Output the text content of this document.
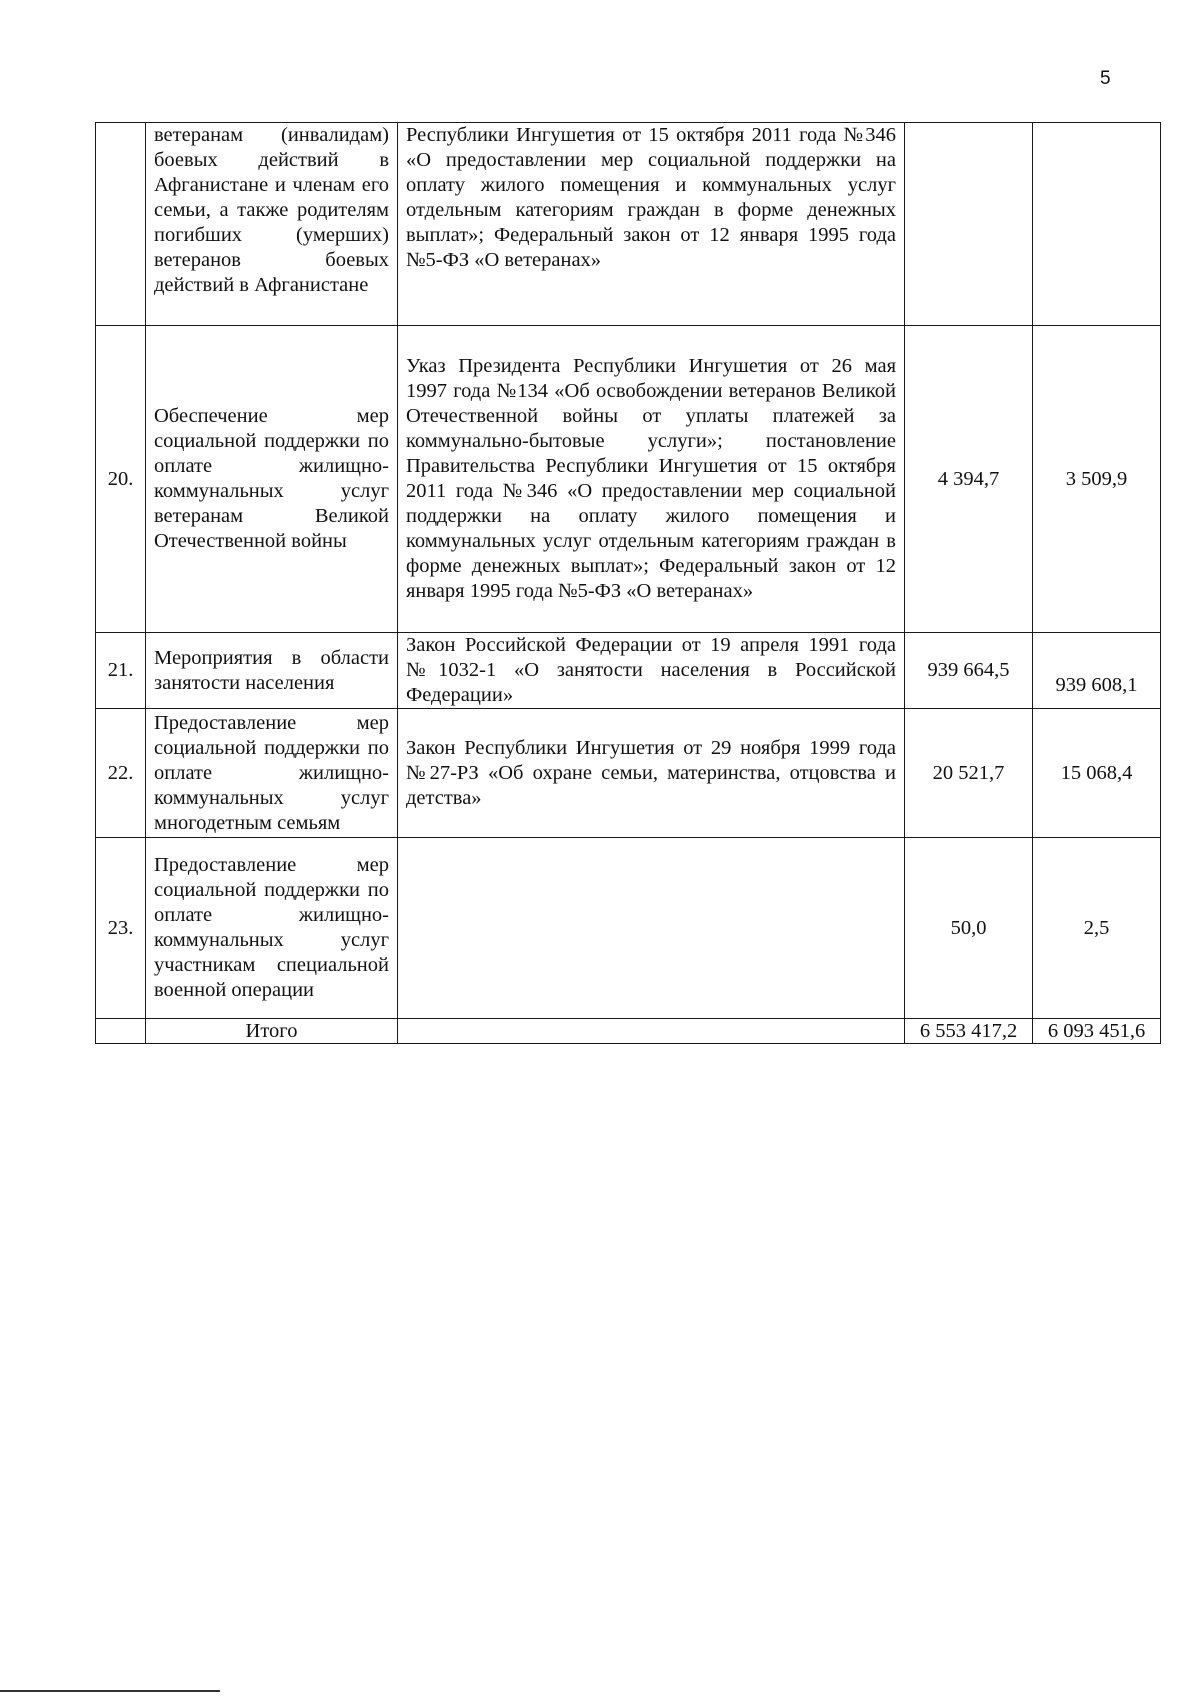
5
	ветеранам (инвалидам) боевых действий в Афганистане и членам его семьи, а также родителям погибших (умерших) ветеранов боевых действий в Афганистане	Республики Ингушетия от 15 октября 2011 года №346 «О предоставлении мер социальной поддержки на оплату жилого помещения и коммунальных услуг отдельным категориям граждан в форме денежных выплат»; Федеральный закон от 12 января 1995 года №5-ФЗ «О ветеранах»		
20.	Обеспечение мер социальной поддержки по оплате жилищно-коммунальных услуг ветеранам Великой Отечественной войны	Указ Президента Республики Ингушетия от 26 мая 1997 года №134 «Об освобождении ветеранов Великой Отечественной войны от уплаты платежей за коммунально-бытовые услуги»; постановление Правительства Республики Ингушетия от 15 октября 2011 года №346 «О предоставлении мер социальной поддержки на оплату жилого помещения и коммунальных услуг отдельным категориям граждан в форме денежных выплат»; Федеральный закон от 12 января 1995 года №5-ФЗ «О ветеранах»	4 394,7	3 509,9
21.	Мероприятия в области занятости населения	Закон Российской Федерации от 19 апреля 1991 года №1032-1 «О занятости населения в Российской Федерации»	939 664,5	939 608,1

22.	Предоставление мер социальной поддержки по оплате жилищно-коммунальных услуг многодетным семьям	Закон Республики Ингушетия от 29 ноября 1999 года №27-РЗ «Об охране семьи, материнства, отцовства и детства»	20 521,7	15 068,4
23.	Предоставление мер социальной поддержки по оплате жилищно-коммунальных услуг участникам специальной военной операции		50,0	2,5
	Итого		6 553 417,2	6 093 451,6
